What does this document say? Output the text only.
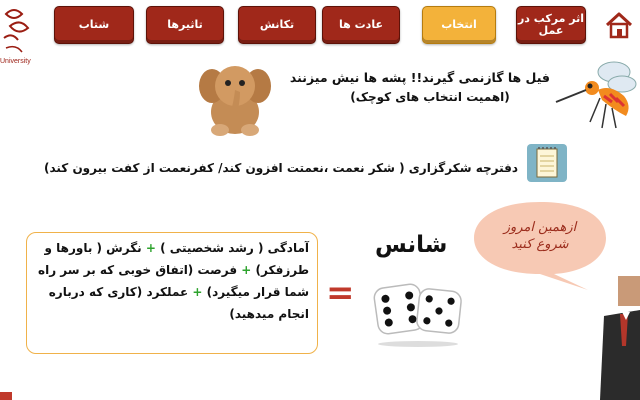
اثر مرکب در عمل
انتخاب
عادت ها
تکانش
تاثیرها
شتاب
University
فیل ها گازنمی گیرند!! پشه ها نیش میزنند
(اهمیت انتخاب های کوچک)
دفترچه شکرگزاری ( شکر نعمت ،نعمتت افزون کند/ کفرنعمت از کفت بیرون کند)
آمادگی ( رشد شخصیتی ) + نگرش ( باورها و طرزفکر) + فرصت (اتفاق خوبی که بر سر راه شما قرار میگیرد) + عملکرد (کاری که درباره انجام میدهید)
=
شانس
ازهمین امروز
شروع کنید
